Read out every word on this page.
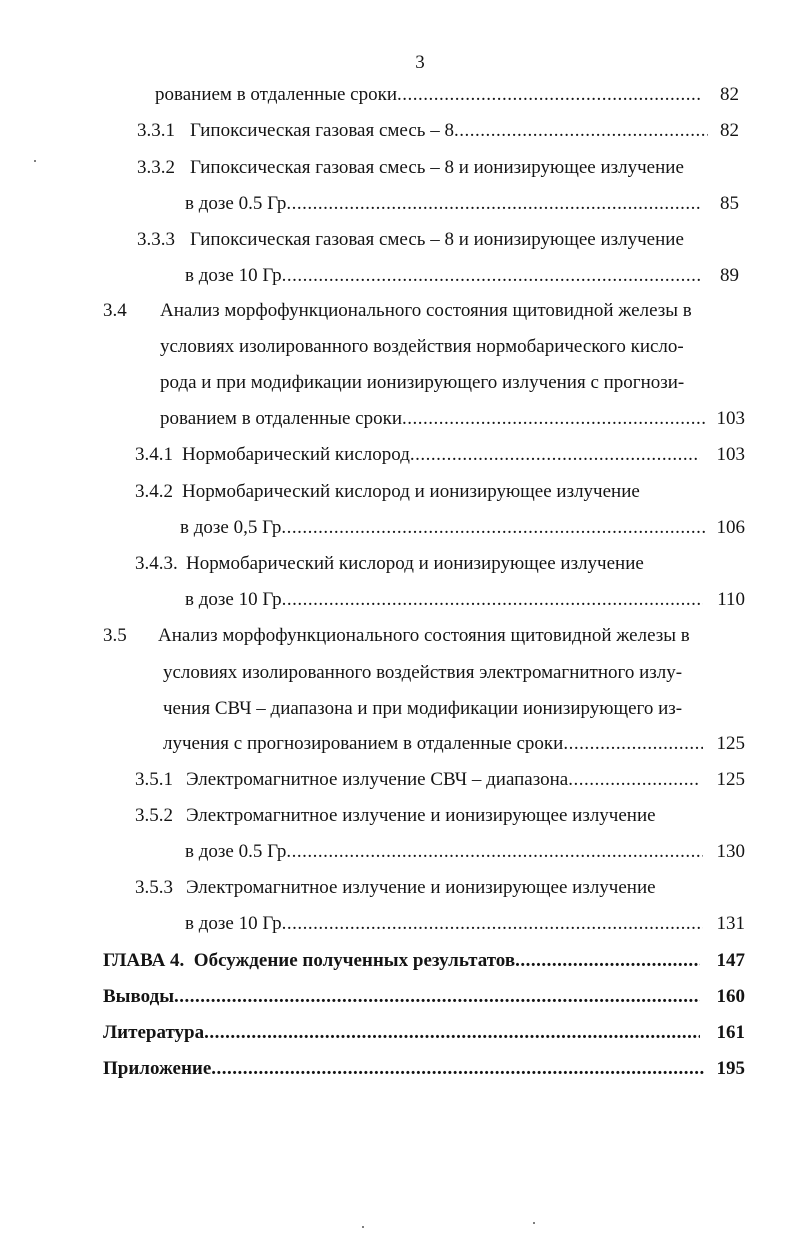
3
рованием в отдаленные сроки .....	82
3.3.1 Гипоксическая газовая смесь – 8 .....	82
3.3.2 Гипоксическая газовая смесь – 8 и ионизирующее излучение
в дозе 0.5 Гр .....	85
3.3.3 Гипоксическая газовая смесь – 8 и ионизирующее излучение
в дозе 10 Гр .....	89
3.4 Анализ морфофункционального состояния щитовидной железы в
условиях изолированного воздействия нормобарического кисло-
рода и при модификации ионизирующего излучения с прогнози-
рованием в отдаленные сроки .....	103
3.4.1 Нормобарический кислород .....	103
3.4.2 Нормобарический кислород и ионизирующее излучение
в дозе 0,5 Гр .....	106
3.4.3. Нормобарический кислород и ионизирующее излучение
в дозе 10 Гр .....	110
3.5 Анализ морфофункционального состояния щитовидной железы в
условиях изолированного воздействия электромагнитного излу-
чения СВЧ – диапазона и при модификации ионизирующего из-
лучения с прогнозированием в отдаленные сроки .....	125
3.5.1 Электромагнитное излучение СВЧ – диапазона .....	125
3.5.2 Электромагнитное излучение и ионизирующее излучение
в дозе 0.5 Гр .....	130
3.5.3 Электромагнитное излучение и ионизирующее излучение
в дозе 10 Гр .....	131
ГЛАВА 4.  Обсуждение полученных результатов .....	147
Выводы .....	160
Литература .....	161
Приложение .....	195
